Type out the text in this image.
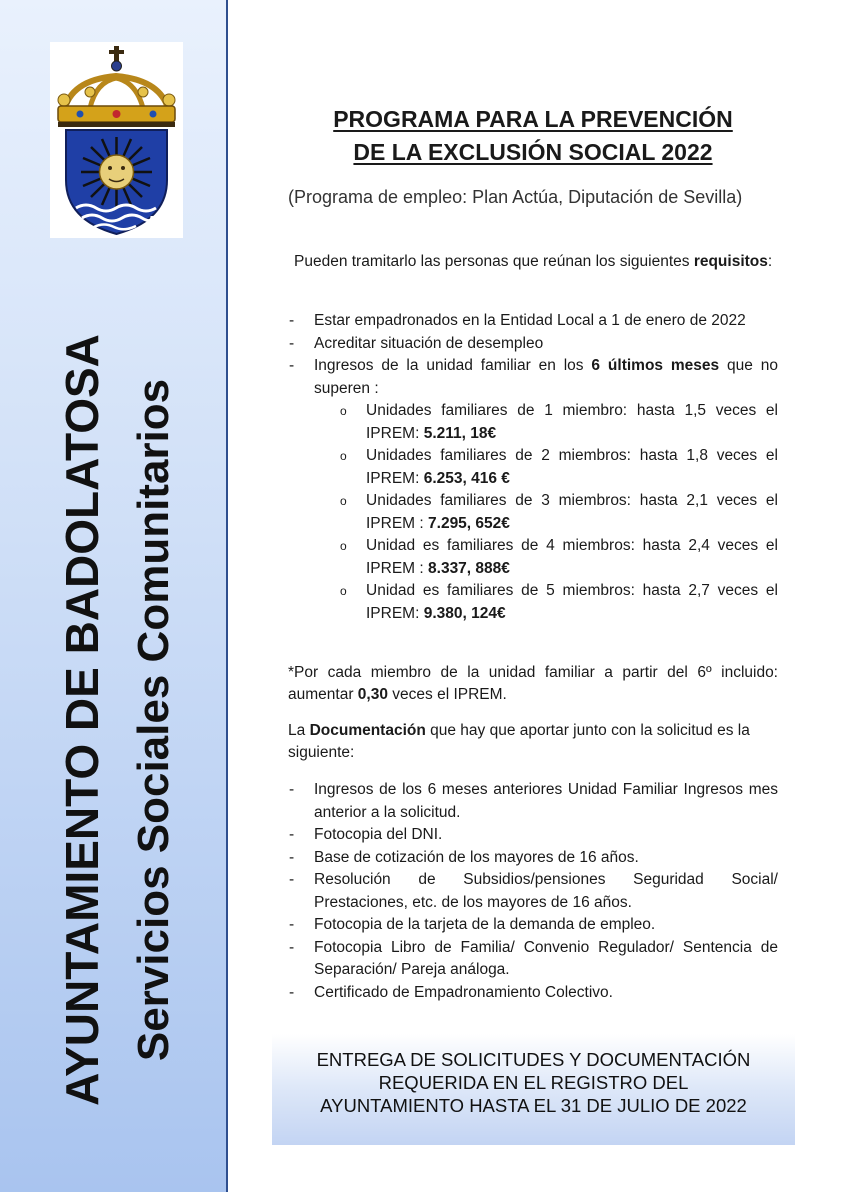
AYUNTAMIENTO DE BADOLATOSA Servicios Sociales Comunitarios
PROGRAMA PARA LA PREVENCIÓN
DE LA EXCLUSIÓN SOCIAL 2022
(Programa de empleo: Plan Actúa, Diputación de Sevilla)
Pueden tramitarlo las personas que reúnan los siguientes requisitos:
- Estar empadronados en la Entidad Local a 1 de enero de 2022
- Acreditar situación de desempleo
- Ingresos de la unidad familiar en los 6 últimos meses que no superen :
o Unidades familiares de 1 miembro: hasta 1,5 veces el IPREM: 5.211, 18€
o Unidades familiares de 2 miembros: hasta 1,8 veces el IPREM: 6.253, 416 €
o Unidades familiares de 3 miembros: hasta 2,1 veces el IPREM : 7.295, 652€
o Unidad es familiares de 4 miembros: hasta 2,4 veces el IPREM : 8.337, 888€
o Unidad es familiares de 5 miembros: hasta 2,7 veces el IPREM: 9.380, 124€
*Por cada miembro de la unidad familiar a partir del 6º incluido: aumentar 0,30 veces el IPREM.
La Documentación que hay que aportar junto con la solicitud es la siguiente:
- Ingresos de los 6 meses anteriores Unidad Familiar Ingresos mes anterior a la solicitud.
- Fotocopia del DNI.
- Base de cotización de los mayores de 16 años.
- Resolución de Subsidios/pensiones Seguridad Social/ Prestaciones, etc. de los mayores de 16 años.
- Fotocopia de la tarjeta de la demanda de empleo.
- Fotocopia Libro de Familia/ Convenio Regulador/ Sentencia de Separación/ Pareja análoga.
- Certificado de Empadronamiento Colectivo.
ENTREGA DE SOLICITUDES Y DOCUMENTACIÓN
REQUERIDA EN EL REGISTRO DEL
AYUNTAMIENTO HASTA EL 31 DE JULIO DE 2022
